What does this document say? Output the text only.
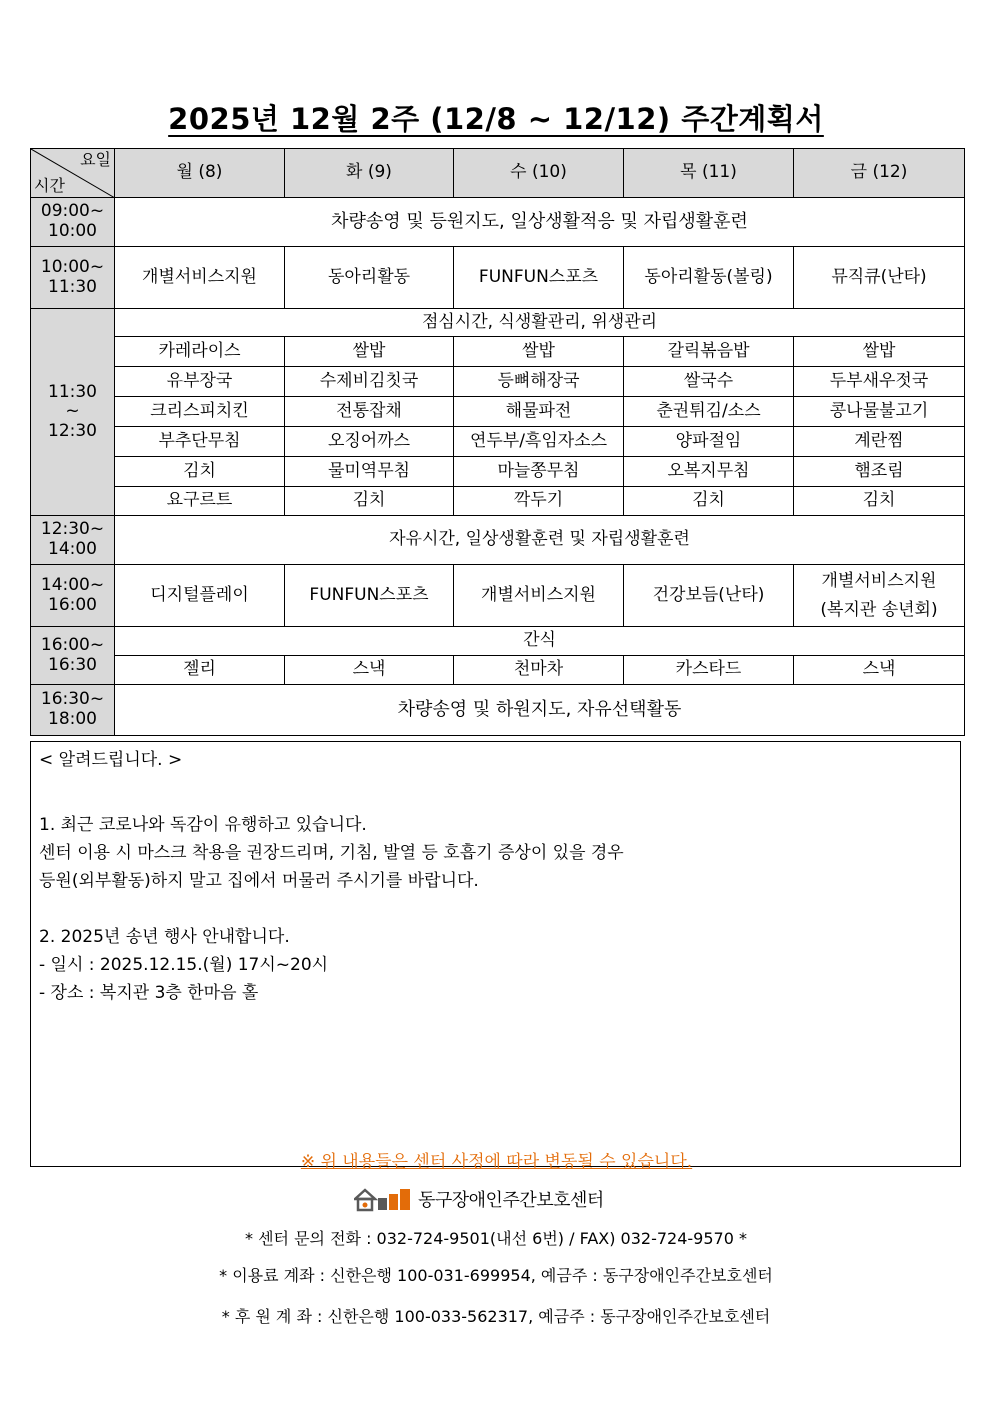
2025년 12월 2주 (12/8 ~ 12/12) 주간계획서
요일
시간	월 (8)	화 (9)	수 (10)	목 (11)	금 (12)
09:00~
10:00	차량송영 및 등원지도, 일상생활적응 및 자립생활훈련				
10:00~
11:30	개별서비스지원	동아리활동	FUNFUN스포츠	동아리활동(볼링)	뮤직큐(난타)
11:30
~
12:30	점심시간, 식생활관리, 위생관리				
	카레라이스	쌀밥	쌀밥	갈릭볶음밥	쌀밥
	유부장국	수제비김칫국	등뼈해장국	쌀국수	두부새우젓국
	크리스피치킨	전통잡채	해물파전	춘권튀김/소스	콩나물불고기
	부추단무침	오징어까스	연두부/흑임자소스	양파절임	계란찜
	김치	물미역무침	마늘쫑무침	오복지무침	햄조림
	요구르트	김치	깍두기	김치	김치
12:30~
14:00	자유시간, 일상생활훈련 및 자립생활훈련				
14:00~
16:00	디지털플레이	FUNFUN스포츠	개별서비스지원	건강보듬(난타)	개별서비스지원
(복지관 송년회)
16:00~
16:30	간식				
	젤리	스낵	천마차	카스타드	스낵
16:30~
18:00	차량송영 및 하원지도, 자유선택활동				
< 알려드립니다. >
1. 최근 코로나와 독감이 유행하고 있습니다.
센터 이용 시 마스크 착용을 권장드리며, 기침, 발열 등 호흡기 증상이 있을 경우
등원(외부활동)하지 말고 집에서 머물러 주시기를 바랍니다.
2. 2025년 송년 행사 안내합니다.
- 일시 : 2025.12.15.(월) 17시~20시
- 장소 : 복지관 3층 한마음 홀
※ 위 내용들은 센터 사정에 따라 변동될 수 있습니다.
동구장애인주간보호센터
* 센터 문의 전화 : 032-724-9501(내선 6번) / FAX) 032-724-9570 *
* 이용료 계좌 : 신한은행 100-031-699954, 예금주 : 동구장애인주간보호센터
* 후 원 계 좌 : 신한은행 100-033-562317, 예금주 : 동구장애인주간보호센터
